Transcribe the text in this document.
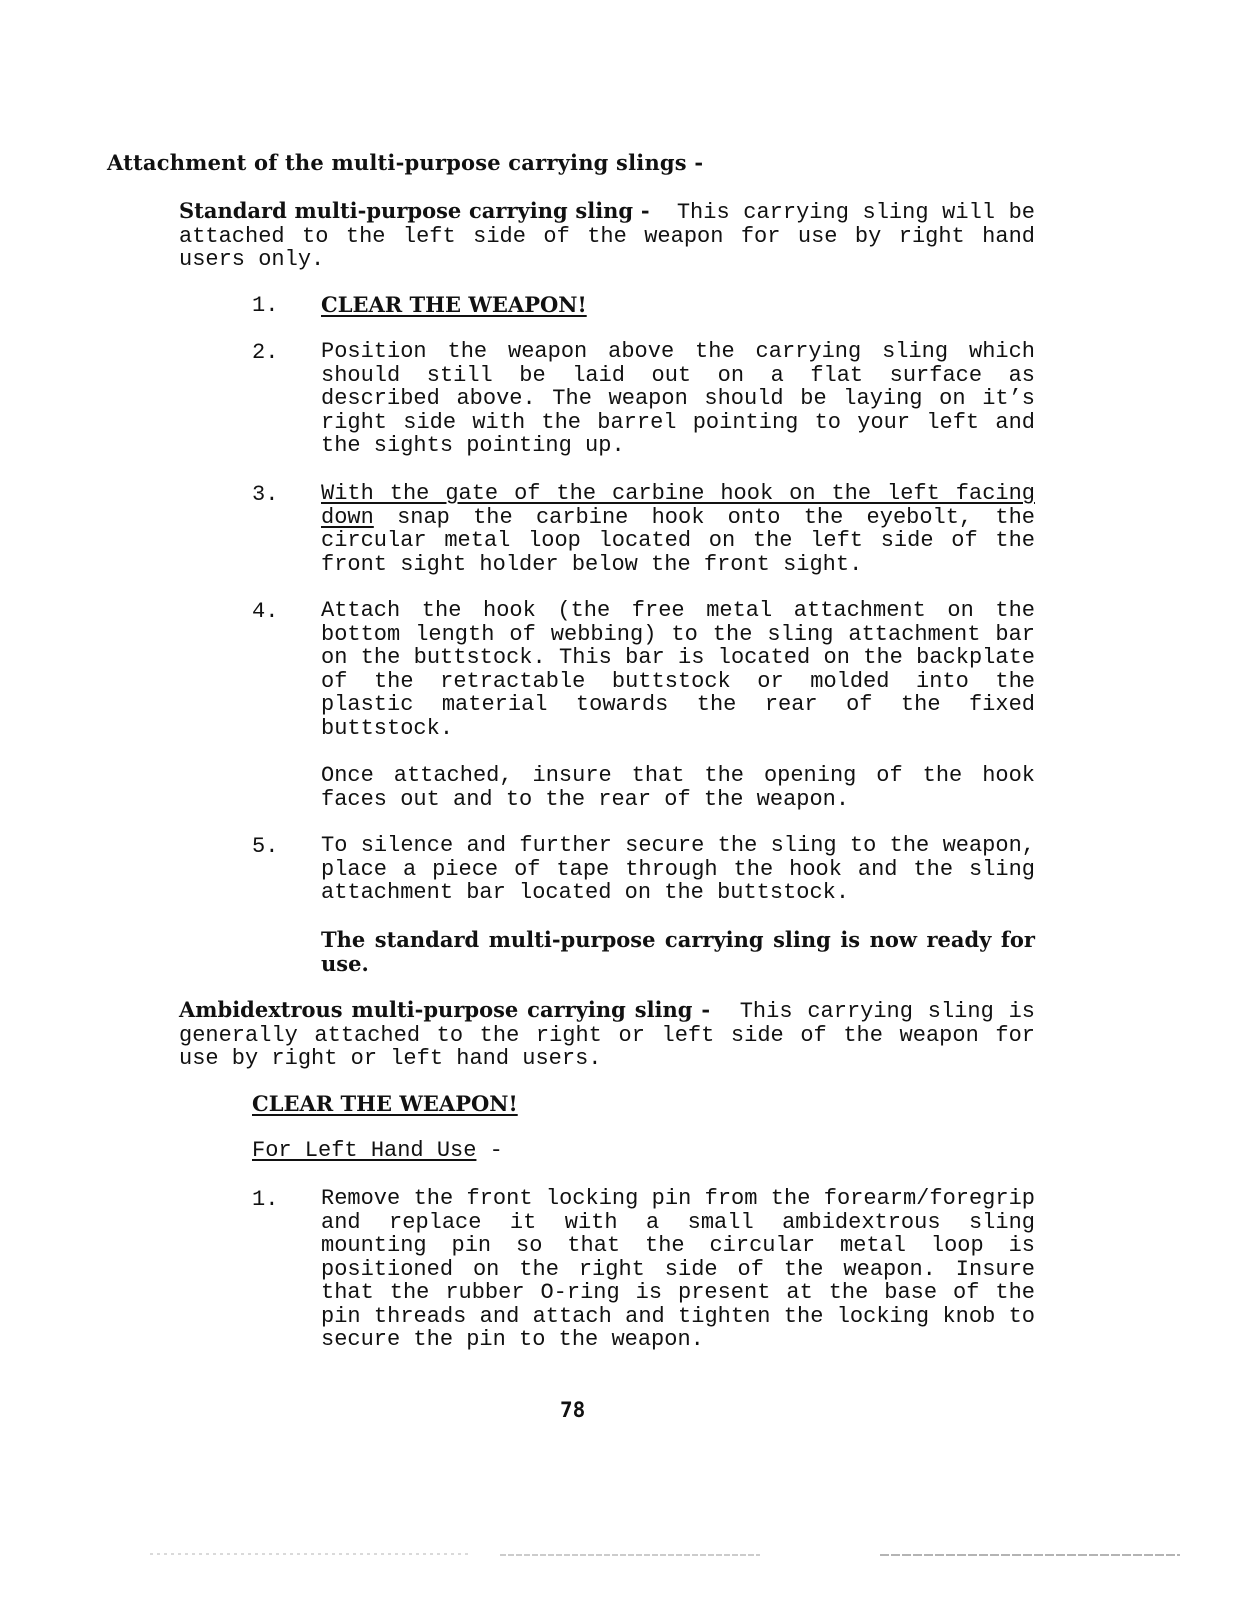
Attachment of the multi-purpose carrying slings -
Standard multi-purpose carrying sling - This carrying sling will be attached to the left side of the weapon for use by right hand users only.
1. CLEAR THE WEAPON!
2. Position the weapon above the carrying sling which should still be laid out on a flat surface as described above. The weapon should be laying on it’s right side with the barrel pointing to your left and the sights pointing up.
3. With the gate of the carbine hook on the left facing down snap the carbine hook onto the eyebolt, the circular metal loop located on the left side of the front sight holder below the front sight.
4. Attach the hook (the free metal attachment on the bottom length of webbing) to the sling attachment bar on the buttstock. This bar is located on the backplate of the retractable buttstock or molded into the plastic material towards the rear of the fixed buttstock.
Once attached, insure that the opening of the hook faces out and to the rear of the weapon.
5. To silence and further secure the sling to the weapon, place a piece of tape through the hook and the sling attachment bar located on the buttstock.
The standard multi-purpose carrying sling is now ready for use.
Ambidextrous multi-purpose carrying sling - This carrying sling is generally attached to the right or left side of the weapon for use by right or left hand users.
CLEAR THE WEAPON!
For Left Hand Use -
1. Remove the front locking pin from the forearm/foregrip and replace it with a small ambidextrous sling mounting pin so that the circular metal loop is positioned on the right side of the weapon. Insure that the rubber O-ring is present at the base of the pin threads and attach and tighten the locking knob to secure the pin to the weapon.
78
